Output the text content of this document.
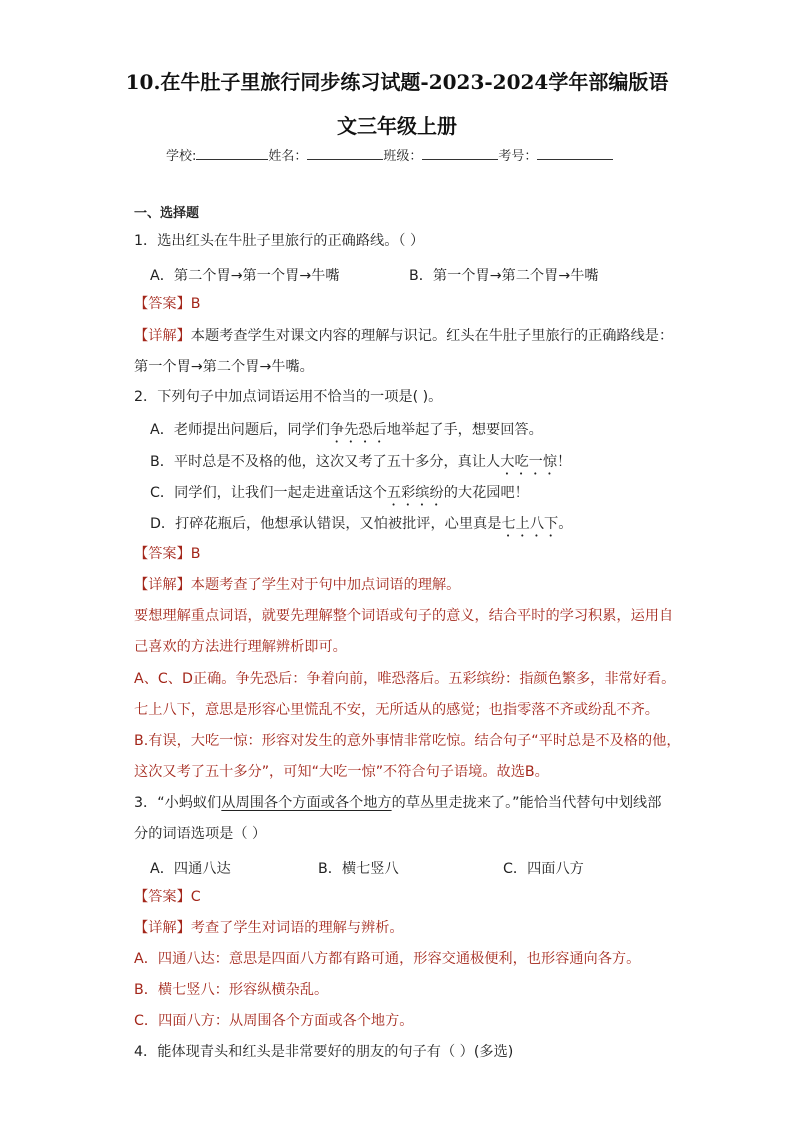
10.在牛肚子里旅行同步练习试题-2023-2024学年部编版语
文三年级上册
学校:	姓名：	班级：	考号：
一、选择题
1．选出红头在牛肚子里旅行的正确路线。（ ）
A．第二个胃→第一个胃→牛嘴	B．第一个胃→第二个胃→牛嘴
【答案】B
【详解】本题考查学生对课文内容的理解与识记。红头在牛肚子里旅行的正确路线是：
第一个胃→第二个胃→牛嘴。
2．下列句子中加点词语运用不恰当的一项是( )。
A．老师提出问题后，同学们争先恐后地举起了手，想要回答。
B．平时总是不及格的他，这次又考了五十多分，真让人大吃一惊！
C．同学们，让我们一起走进童话这个五彩缤纷的大花园吧！
D．打碎花瓶后，他想承认错误，又怕被批评，心里真是七上八下。
【答案】B
【详解】本题考查了学生对于句中加点词语的理解。
要想理解重点词语，就要先理解整个词语或句子的意义，结合平时的学习积累，运用自
己喜欢的方法进行理解辨析即可。
A、C、D正确。争先恐后：争着向前，唯恐落后。五彩缤纷：指颜色繁多，非常好看。
七上八下，意思是形容心里慌乱不安，无所适从的感觉；也指零落不齐或纷乱不齐。
B.有误，大吃一惊：形容对发生的意外事情非常吃惊。结合句子“平时总是不及格的他，
这次又考了五十多分”，可知“大吃一惊”不符合句子语境。故选B。
3．“小蚂蚁们从周围各个方面或各个地方的草丛里走拢来了。”能恰当代替句中划线部
分的词语选项是（ ）
A．四通八达	B．横七竖八	C．四面八方
【答案】C
【详解】考查了学生对词语的理解与辨析。
A．四通八达：意思是四面八方都有路可通，形容交通极便利，也形容通向各方。
B．横七竖八：形容纵横杂乱。
C．四面八方：从周围各个方面或各个地方。
4．能体现青头和红头是非常要好的朋友的句子有（ ）(多选)
